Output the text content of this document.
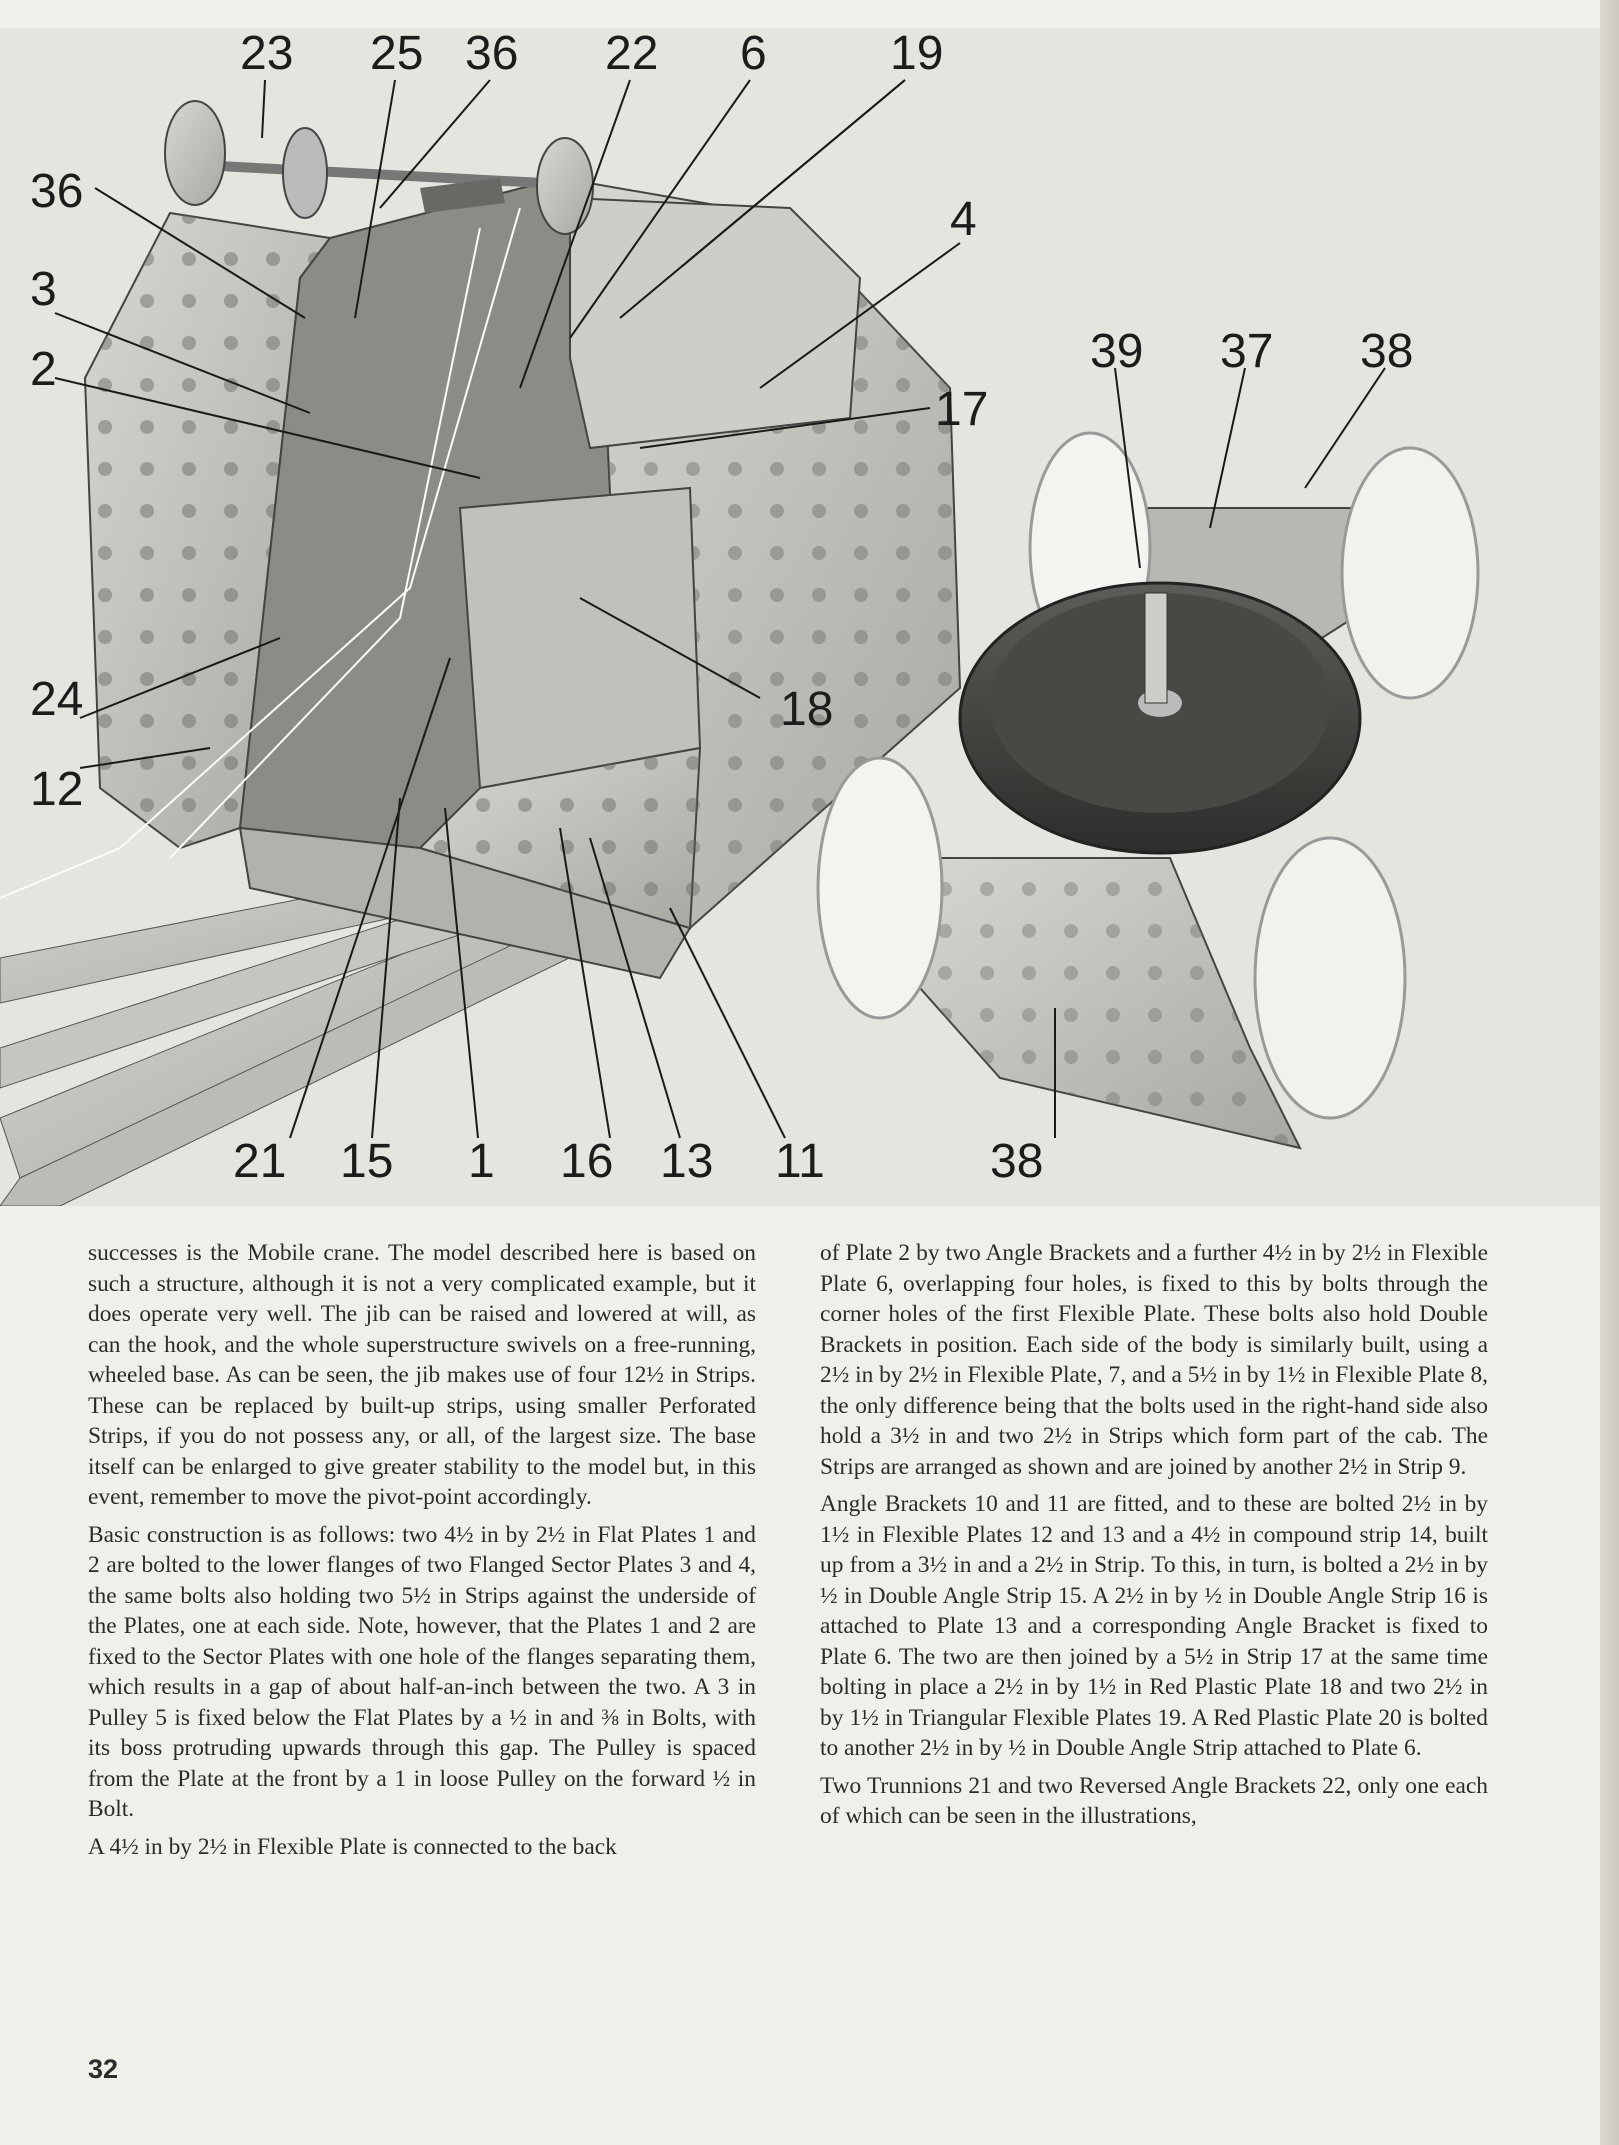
23 25 36 22 6	19
36
3
2
4
17
39 37 38
24
12
18
21 15 1 16 13 11	38

successes is the Mobile crane. The model described here is based on such a structure, although it is not a very complicated example, but it does operate very well. The jib can be raised and lowered at will, as can the hook, and the whole superstructure swivels on a free-running, wheeled base. As can be seen, the jib makes use of four 12½ in Strips. These can be replaced by built-up strips, using smaller Perforated Strips, if you do not possess any, or all, of the largest size. The base itself can be enlarged to give greater stability to the model but, in this event, remember to move the pivot-point accordingly.

Basic construction is as follows: two 4½ in by 2½ in Flat Plates 1 and 2 are bolted to the lower flanges of two Flanged Sector Plates 3 and 4, the same bolts also holding two 5½ in Strips against the underside of the Plates, one at each side. Note, however, that the Plates 1 and 2 are fixed to the Sector Plates with one hole of the flanges separating them, which results in a gap of about half-an-inch between the two. A 3 in Pulley 5 is fixed below the Flat Plates by a ½ in and ⅜ in Bolts, with its boss protruding upwards through this gap. The Pulley is spaced from the Plate at the front by a 1 in loose Pulley on the forward ½ in Bolt.

A 4½ in by 2½ in Flexible Plate is connected to the back

of Plate 2 by two Angle Brackets and a further 4½ in by 2½ in Flexible Plate 6, overlapping four holes, is fixed to this by bolts through the corner holes of the first Flexible Plate. These bolts also hold Double Brackets in position. Each side of the body is similarly built, using a 2½ in by 2½ in Flexible Plate, 7, and a 5½ in by 1½ in Flexible Plate 8, the only difference being that the bolts used in the right-hand side also hold a 3½ in and two 2½ in Strips which form part of the cab. The Strips are arranged as shown and are joined by another 2½ in Strip 9.

Angle Brackets 10 and 11 are fitted, and to these are bolted 2½ in by 1½ in Flexible Plates 12 and 13 and a 4½ in compound strip 14, built up from a 3½ in and a 2½ in Strip. To this, in turn, is bolted a 2½ in by ½ in Double Angle Strip 15. A 2½ in by ½ in Double Angle Strip 16 is attached to Plate 13 and a corresponding Angle Bracket is fixed to Plate 6. The two are then joined by a 5½ in Strip 17 at the same time bolting in place a 2½ in by 1½ in Red Plastic Plate 18 and two 2½ in by 1½ in Triangular Flexible Plates 19. A Red Plastic Plate 20 is bolted to another 2½ in by ½ in Double Angle Strip attached to Plate 6.

Two Trunnions 21 and two Reversed Angle Brackets 22, only one each of which can be seen in the illustrations,

32
